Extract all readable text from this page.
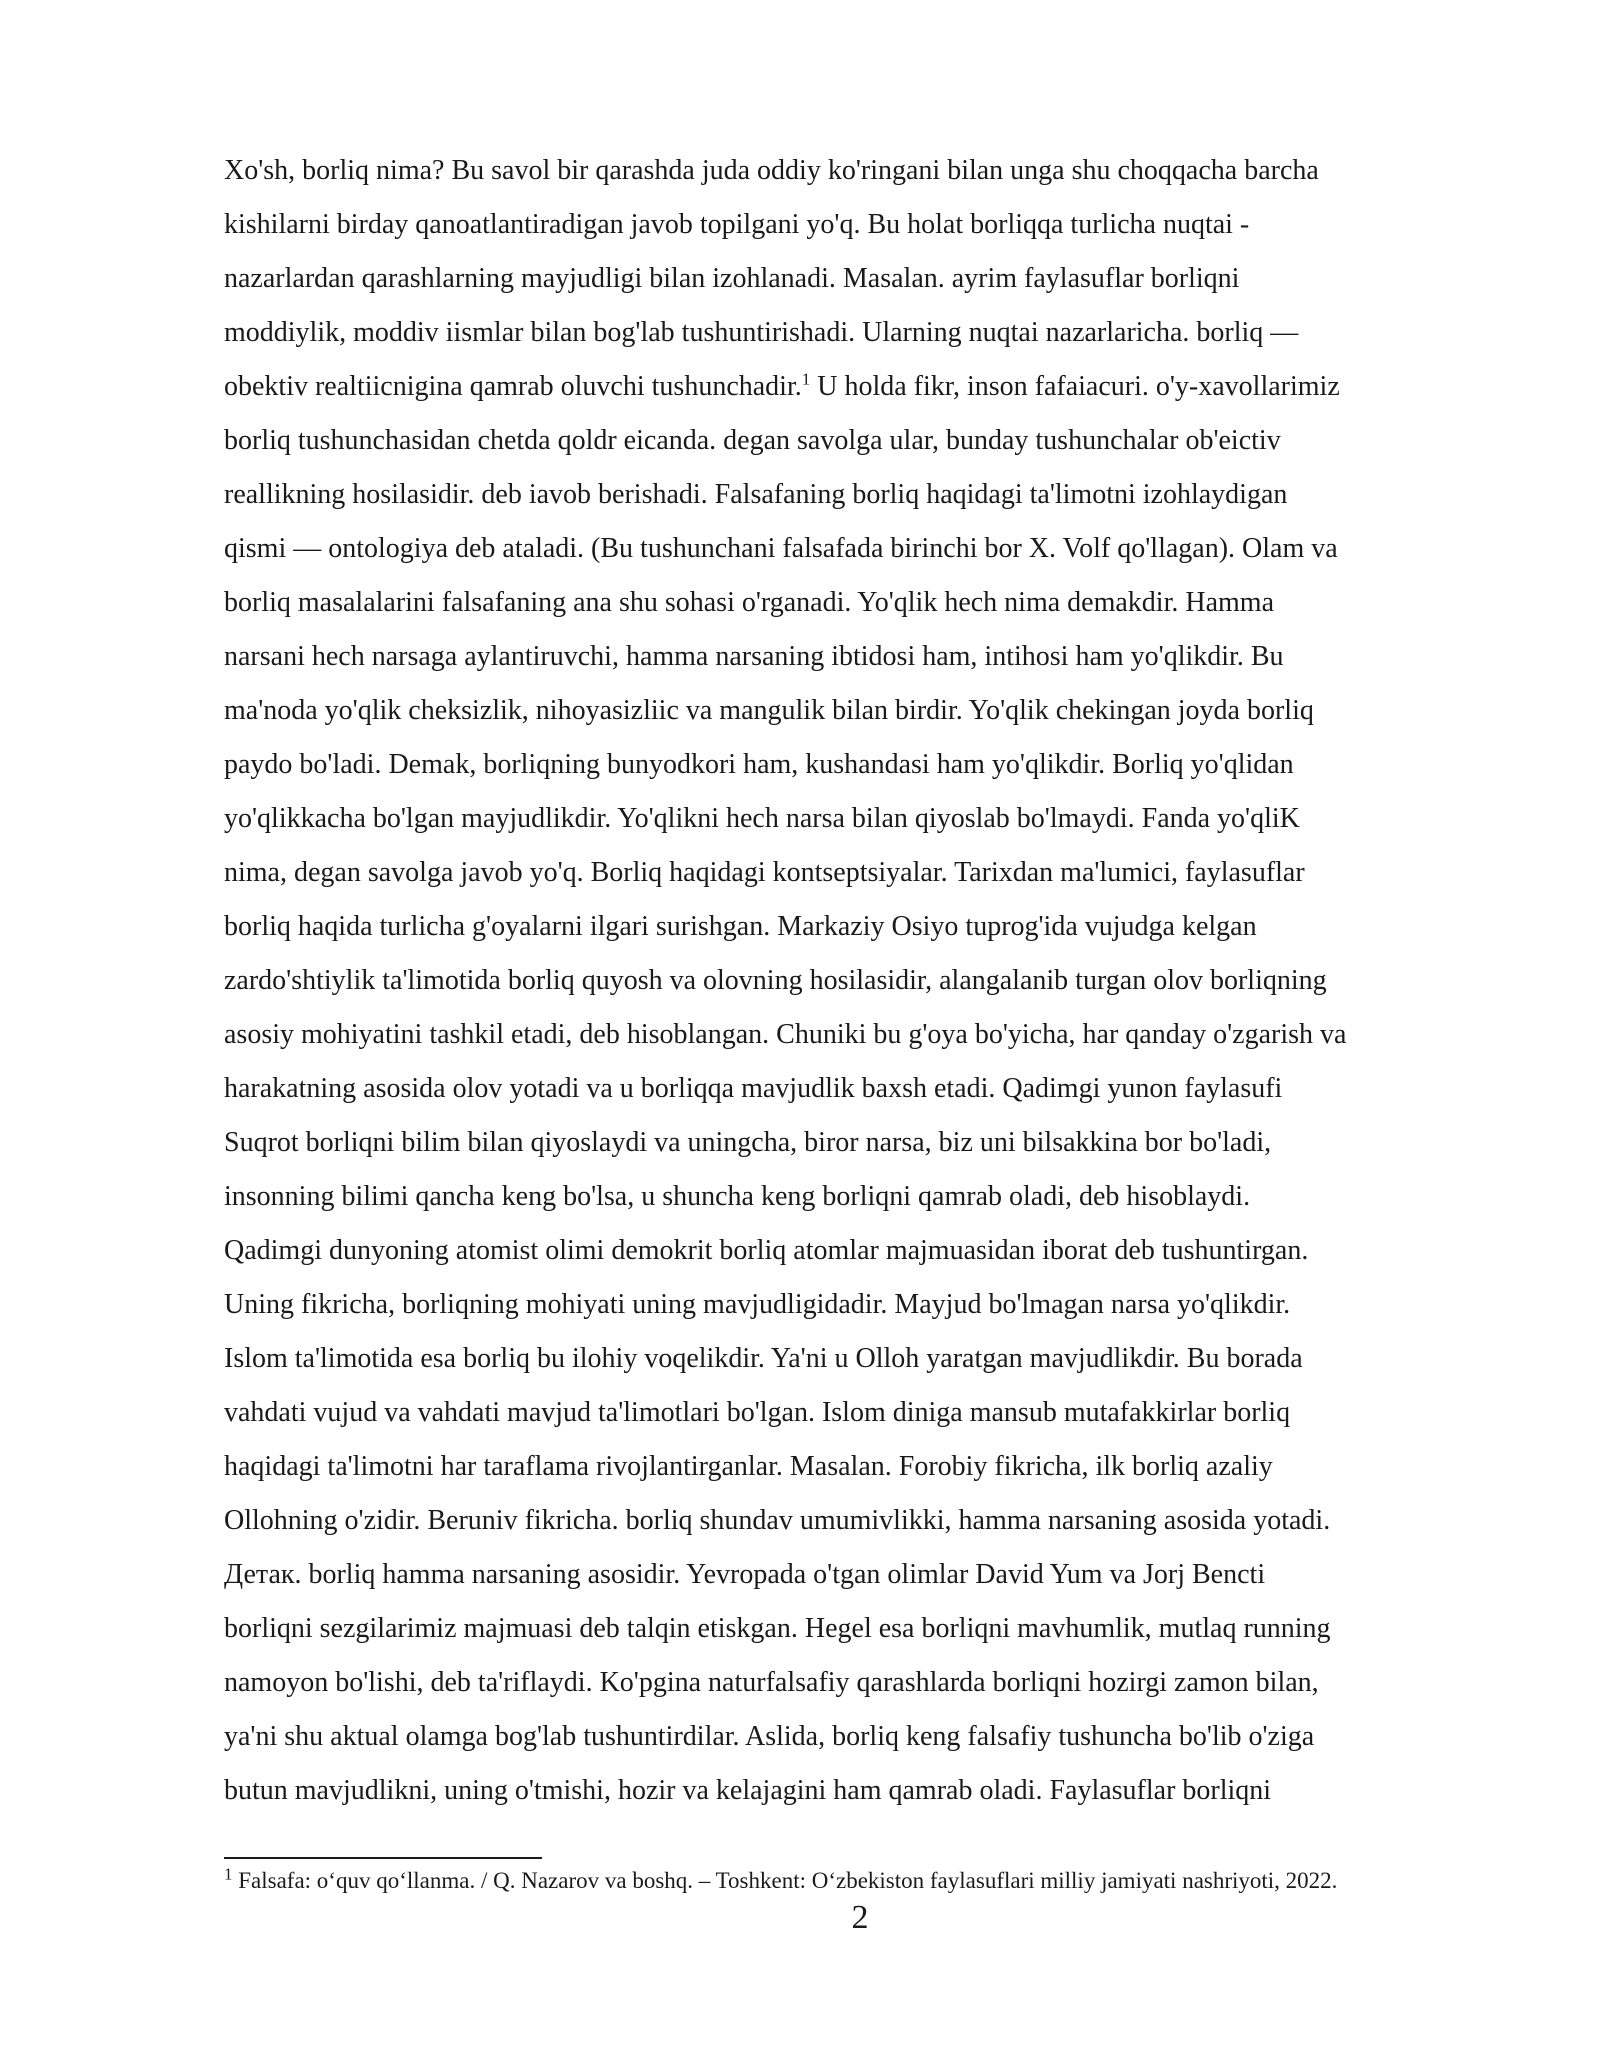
Xo'sh, borliq nima? Bu savol bir qarashda juda oddiy ko'ringani bilan unga shu choqqacha barcha
kishilarni birday qanoatlantiradigan javob topilgani yo'q. Bu holat borliqqa turlicha nuqtai -
nazarlardan qarashlarning mayjudligi bilan izohlanadi. Masalan. ayrim faylasuflar borliqni
moddiylik, moddiv iismlar bilan bog'lab tushuntirishadi. Ularning nuqtai nazarlaricha. borliq —
obektiv realtiicnigina qamrab oluvchi tushunchadir.$^1$ U holda fikr, inson fafaiacuri. o'y-xavollarimiz
borliq tushunchasidan chetda qoldr eicanda. degan savolga ular, bunday tushunchalar ob'eictiv
reallikning hosilasidir. deb iavob berishadi. Falsafaning borliq haqidagi ta'limotni izohlaydigan
qismi — ontologiya deb ataladi. (Bu tushunchani falsafada birinchi bor X. Volf qo'llagan). Olam va
borliq masalalarini falsafaning ana shu sohasi o'rganadi. Yo'qlik hech nima demakdir. Hamma
narsani hech narsaga aylantiruvchi, hamma narsaning ibtidosi ham, intihosi ham yo'qlikdir. Bu
ma'noda yo'qlik cheksizlik, nihoyasizliic va mangulik bilan birdir. Yo'qlik chekingan joyda borliq
paydo bo'ladi. Demak, borliqning bunyodkori ham, kushandasi ham yo'qlikdir. Borliq yo'qlidan
yo'qlikkacha bo'lgan mayjudlikdir. Yo'qlikni hech narsa bilan qiyoslab bo'lmaydi. Fanda yo'qliK
nima, degan savolga javob yo'q. Borliq haqidagi kontseptsiyalar. Tarixdan ma'lumici, faylasuflar
borliq haqida turlicha g'oyalarni ilgari surishgan. Markaziy Osiyo tuprog'ida vujudga kelgan
zardo'shtiylik ta'limotida borliq quyosh va olovning hosilasidir, alangalanib turgan olov borliqning
asosiy mohiyatini tashkil etadi, deb hisoblangan. Chuniki bu g'oya bo'yicha, har qanday o'zgarish va
harakatning asosida olov yotadi va u borliqqa mavjudlik baxsh etadi. Qadimgi yunon faylasufi
Suqrot borliqni bilim bilan qiyoslaydi va uningcha, biror narsa, biz uni bilsakkina bor bo'ladi,
insonning bilimi qancha keng bo'lsa, u shuncha keng borliqni qamrab oladi, deb hisoblaydi.
Qadimgi dunyoning atomist olimi demokrit borliq atomlar majmuasidan iborat deb tushuntirgan.
Uning fikricha, borliqning mohiyati uning mavjudligidadir. Mayjud bo'lmagan narsa yo'qlikdir.
Islom ta'limotida esa borliq bu ilohiy voqelikdir. Ya'ni u Olloh yaratgan mavjudlikdir. Bu borada
vahdati vujud va vahdati mavjud ta'limotlari bo'lgan. Islom diniga mansub mutafakkirlar borliq
haqidagi ta'limotni har taraflama rivojlantirganlar. Masalan. Forobiy fikricha, ilk borliq azaliy
Ollohning o'zidir. Beruniv fikricha. borliq shundav umumivlikki, hamma narsaning asosida yotadi.
Детак. borliq hamma narsaning asosidir. Yevropada o'tgan olimlar David Yum va Jorj Bencti
borliqni sezgilarimiz majmuasi deb talqin etiskgan. Hegel esa borliqni mavhumlik, mutlaq running
namoyon bo'lishi, deb ta'riflaydi. Ko'pgina naturfalsafiy qarashlarda borliqni hozirgi zamon bilan,
ya'ni shu aktual olamga bog'lab tushuntirdilar. Aslida, borliq keng falsafiy tushuncha bo'lib o'ziga
butun mavjudlikni, uning o'tmishi, hozir va kelajagini ham qamrab oladi. Faylasuflar borliqni
$^1$ Falsafa: o‘quv qo‘llanma. / Q. Nazarov va boshq. – Toshkent: O‘zbekiston faylasuflari milliy jamiyati nashriyoti, 2022.
2
